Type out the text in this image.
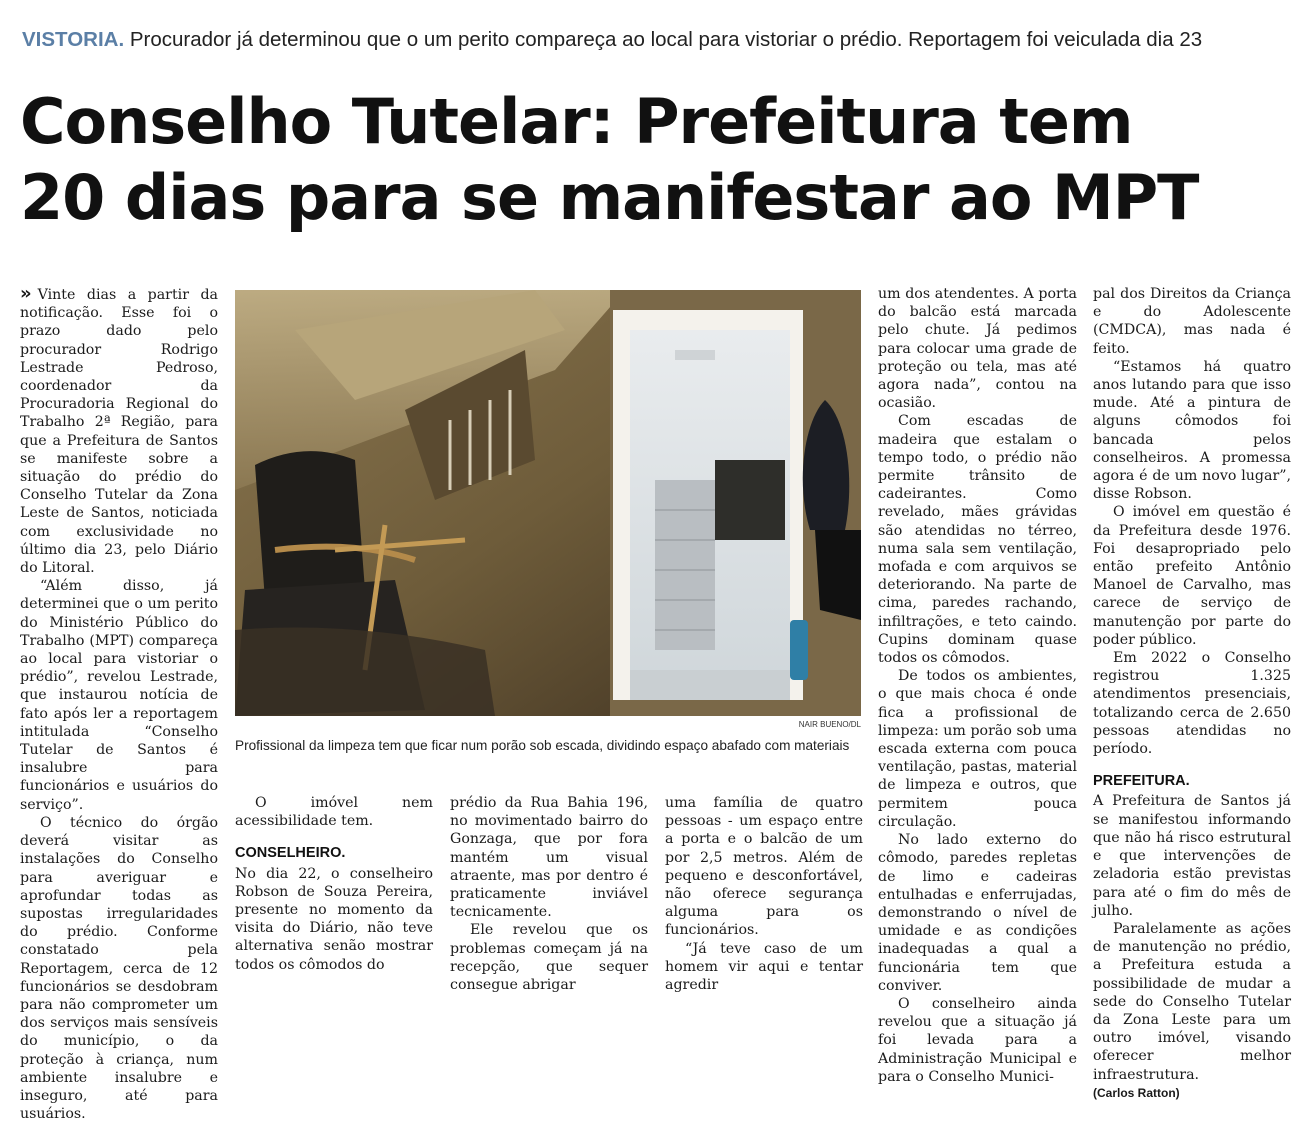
VISTORIA. Procurador já determinou que o um perito compareça ao local para vistoriar o prédio. Reportagem foi veiculada dia 23
Conselho Tutelar: Prefeitura tem
20 dias para se manifestar ao MPT

» Vinte dias a partir da notificação. Esse foi o prazo dado pelo procurador Rodrigo Lestrade Pedroso, coordenador da Procuradoria Regional do Trabalho 2ª Região, para que a Prefeitura de Santos se manifeste sobre a situação do prédio do Conselho Tutelar da Zona Leste de Santos, noticiada com exclusividade no último dia 23, pelo Diário do Litoral.

“Além disso, já determinei que o um perito do Ministério Público do Trabalho (MPT) compareça ao local para vistoriar o prédio”, revelou Lestrade, que instaurou notícia de fato após ler a reportagem intitulada “Conselho Tutelar de Santos é insalubre para funcionários e usuários do serviço”.

O técnico do órgão deverá visitar as instalações do Conselho para averiguar e aprofundar todas as supostas irregularidades do prédio. Conforme constatado pela Reportagem, cerca de 12 funcionários se desdobram para não comprometer um dos serviços mais sensíveis do município, o da proteção à criança, num ambiente insalubre e inseguro, até para usuários.

NAIR BUENO/DL
Profissional da limpeza tem que ficar num porão sob escada, dividindo espaço abafado com materiais

O imóvel nem acessibilidade tem.

CONSELHEIRO.

No dia 22, o conselheiro Robson de Souza Pereira, presente no momento da visita do Diário, não teve alternativa senão mostrar todos os cômodos do

prédio da Rua Bahia 196, no movimentado bairro do Gonzaga, que por fora mantém um visual atraente, mas por dentro é praticamente inviável tecnicamente.

Ele revelou que os problemas começam já na recepção, que sequer consegue abrigar

uma família de quatro pessoas - um espaço entre a porta e o balcão de um por 2,5 metros. Além de pequeno e desconfortável, não oferece segurança alguma para os funcionários.

“Já teve caso de um homem vir aqui e tentar agredir

um dos atendentes. A porta do balcão está marcada pelo chute. Já pedimos para colocar uma grade de proteção ou tela, mas até agora nada”, contou na ocasião.

Com escadas de madeira que estalam o tempo todo, o prédio não permite trânsito de cadeirantes. Como revelado, mães grávidas são atendidas no térreo, numa sala sem ventilação, mofada e com arquivos se deteriorando. Na parte de cima, paredes rachando, infiltrações, e teto caindo. Cupins dominam quase todos os cômodos.

De todos os ambientes, o que mais choca é onde fica a profissional de limpeza: um porão sob uma escada externa com pouca ventilação, pastas, material de limpeza e outros, que permitem pouca circulação.

No lado externo do cômodo, paredes repletas de limo e cadeiras entulhadas e enferrujadas, demonstrando o nível de umidade e as condições inadequadas a qual a funcionária tem que conviver.

O conselheiro ainda revelou que a situação já foi levada para a Administração Municipal e para o Conselho Munici-

pal dos Direitos da Criança e do Adolescente (CMDCA), mas nada é feito.

“Estamos há quatro anos lutando para que isso mude. Até a pintura de alguns cômodos foi bancada pelos conselheiros. A promessa agora é de um novo lugar”, disse Robson.

O imóvel em questão é da Prefeitura desde 1976. Foi desapropriado pelo então prefeito Antônio Manoel de Carvalho, mas carece de serviço de manutenção por parte do poder público.

Em 2022 o Conselho registrou 1.325 atendimentos presenciais, totalizando cerca de 2.650 pessoas atendidas no período.

PREFEITURA.

A Prefeitura de Santos já se manifestou informando que não há risco estrutural e que intervenções de zeladoria estão previstas para até o fim do mês de julho.

Paralelamente as ações de manutenção no prédio, a Prefeitura estuda a possibilidade de mudar a sede do Conselho Tutelar da Zona Leste para um outro imóvel, visando oferecer melhor infraestrutura.

(Carlos Ratton)
